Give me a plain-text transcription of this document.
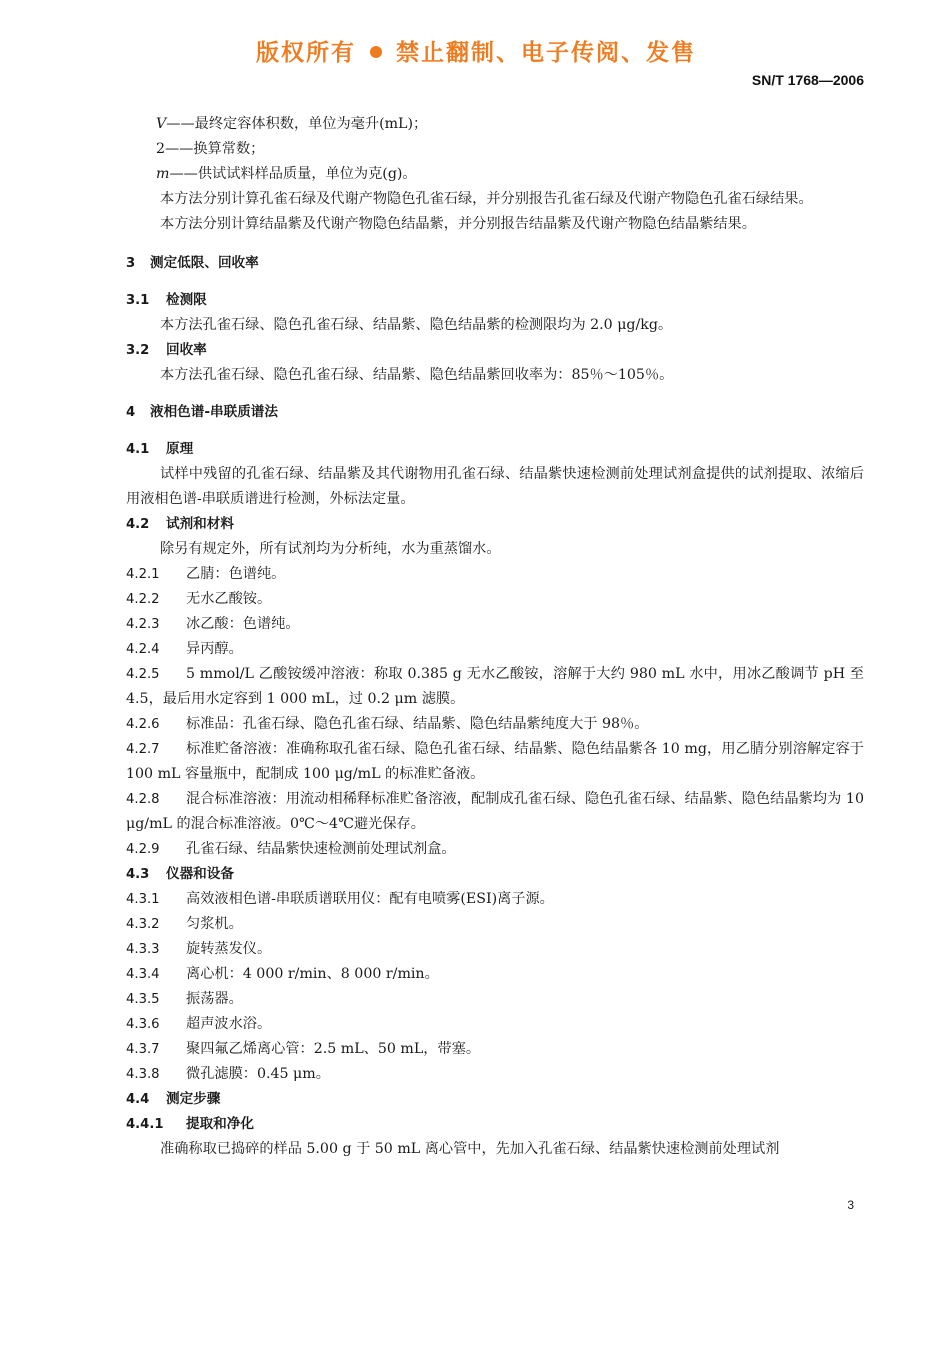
版权所有 禁止翻制、电子传阅、发售
SN/T 1768—2006
V——最终定容体积数，单位为毫升(mL)；
2——换算常数；
m——供试试料样品质量，单位为克(g)。
本方法分别计算孔雀石绿及代谢产物隐色孔雀石绿，并分别报告孔雀石绿及代谢产物隐色孔雀石绿结果。
本方法分别计算结晶紫及代谢产物隐色结晶紫，并分别报告结晶紫及代谢产物隐色结晶紫结果。
3 测定低限、回收率
3.1 检测限
本方法孔雀石绿、隐色孔雀石绿、结晶紫、隐色结晶紫的检测限均为 2.0 μg/kg。
3.2 回收率
本方法孔雀石绿、隐色孔雀石绿、结晶紫、隐色结晶紫回收率为：85％～105％。
4 液相色谱-串联质谱法
4.1 原理
试样中残留的孔雀石绿、结晶紫及其代谢物用孔雀石绿、结晶紫快速检测前处理试剂盒提供的试剂提取、浓缩后用液相色谱-串联质谱进行检测，外标法定量。
4.2 试剂和材料
除另有规定外，所有试剂均为分析纯，水为重蒸馏水。
4.2.1 乙腈：色谱纯。
4.2.2 无水乙酸铵。
4.2.3 冰乙酸：色谱纯。
4.2.4 异丙醇。
4.2.5 5 mmol/L 乙酸铵缓冲溶液：称取 0.385 g 无水乙酸铵，溶解于大约 980 mL 水中，用冰乙酸调节 pH 至 4.5，最后用水定容到 1 000 mL，过 0.2 μm 滤膜。
4.2.6 标准品：孔雀石绿、隐色孔雀石绿、结晶紫、隐色结晶紫纯度大于 98％。
4.2.7 标准贮备溶液：准确称取孔雀石绿、隐色孔雀石绿、结晶紫、隐色结晶紫各 10 mg，用乙腈分别溶解定容于 100 mL 容量瓶中，配制成 100 μg/mL 的标准贮备液。
4.2.8 混合标准溶液：用流动相稀释标准贮备溶液，配制成孔雀石绿、隐色孔雀石绿、结晶紫、隐色结晶紫均为 10 μg/mL 的混合标准溶液。0℃～4℃避光保存。
4.2.9 孔雀石绿、结晶紫快速检测前处理试剂盒。
4.3 仪器和设备
4.3.1 高效液相色谱-串联质谱联用仪：配有电喷雾(ESI)离子源。
4.3.2 匀浆机。
4.3.3 旋转蒸发仪。
4.3.4 离心机：4 000 r/min、8 000 r/min。
4.3.5 振荡器。
4.3.6 超声波水浴。
4.3.7 聚四氟乙烯离心管：2.5 mL、50 mL，带塞。
4.3.8 微孔滤膜：0.45 μm。
4.4 测定步骤
4.4.1 提取和净化
准确称取已捣碎的样品 5.00 g 于 50 mL 离心管中，先加入孔雀石绿、结晶紫快速检测前处理试剂
3
